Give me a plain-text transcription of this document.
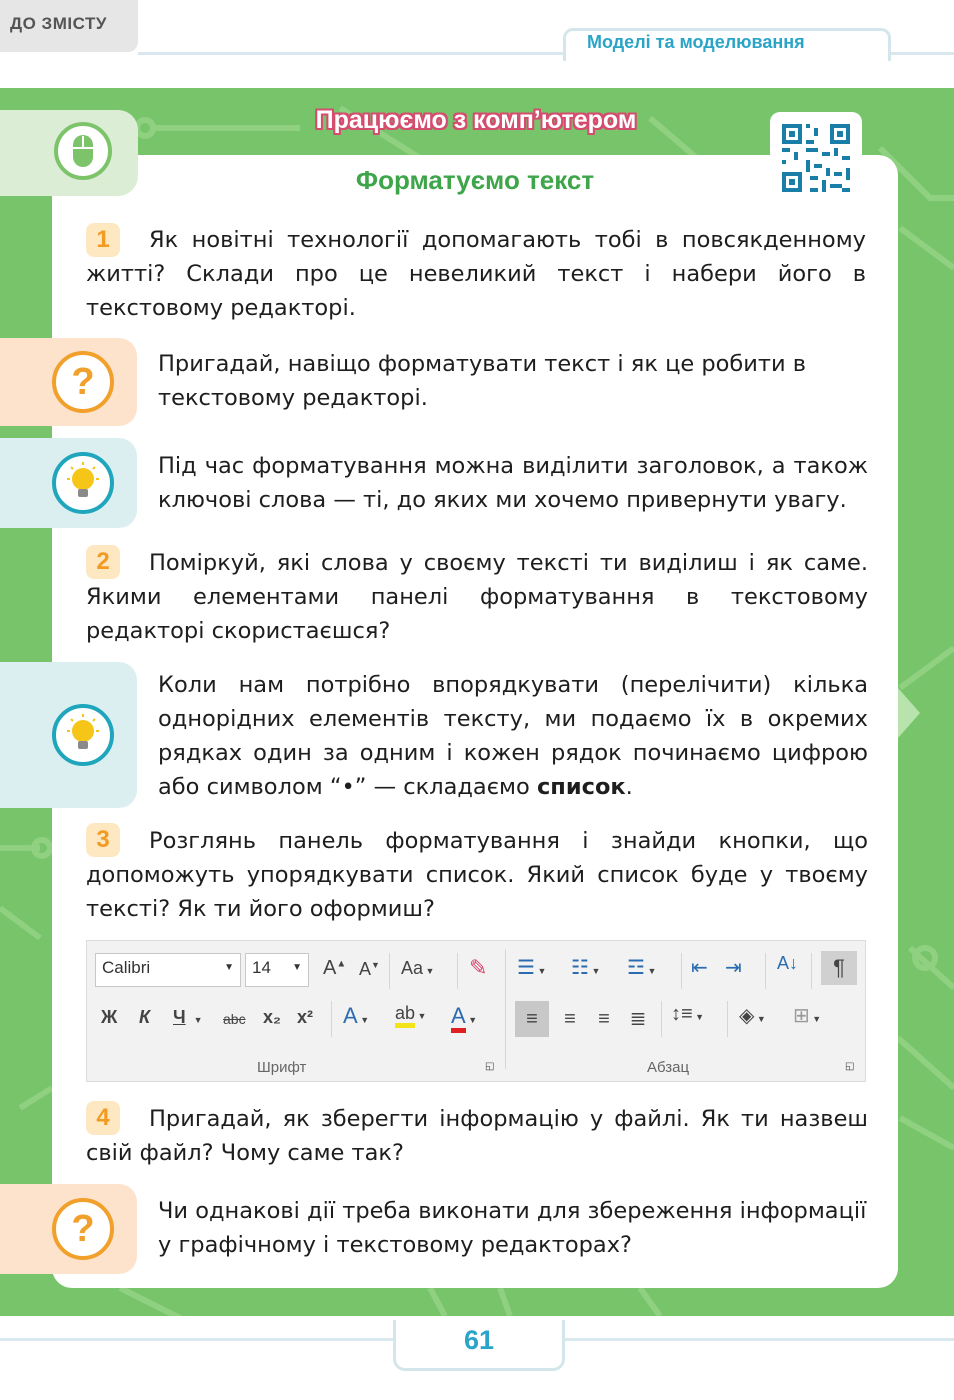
ДО ЗМІСТУ
Моделі та моделювання
Працюємо з комп’ютером
Форматуємо текст
1	Як новітні технології допомагають тобі в повсякденному житті? Склади про це невеликий текст і набери його в текстовому редакторі.
?	Пригадай, навіщо форматувати текст і як це робити в текстовому редакторі.
Під час форматування можна виділити заголовок, а також ключові слова — ті, до яких ми хочемо привернути увагу.
2	Поміркуй, які слова у своєму тексті ти виділиш і як саме. Якими елементами панелі форматування в текстовому редакторі скористаєшся?
Коли нам потрібно впорядкувати (перелічити) кілька однорідних елементів тексту, ми подаємо їх в окремих рядках один за одним і кожен рядок починаємо цифрою або символом “•” — складаємо список.
3	Розглянь панель форматування і знайди кнопки, що допоможуть упорядкувати список. Який список буде у твоєму тексті? Як ти його оформиш?
Calibri	▼	14 ▼ A▲ A▼ Aa ▼ ✎ ☰ ▼ ☷ ▼ ☲ ▼ ⇤ ⇥ A↓	¶
Ж К Ч▼ abc x₂ x² A ▼ ab ▼ A ▼	≡	≡	≡ ≣	↕≡ ▼ ◈ ▼ ⊞ ▼
Шрифт	Абзац
◱	◱
4	Пригадай, як зберегти інформацію у файлі. Як ти назвеш свій файл? Чому саме так?
?	Чи однакові дії треба виконати для збереження інформації у графічному і текстовому редакторах?
61
